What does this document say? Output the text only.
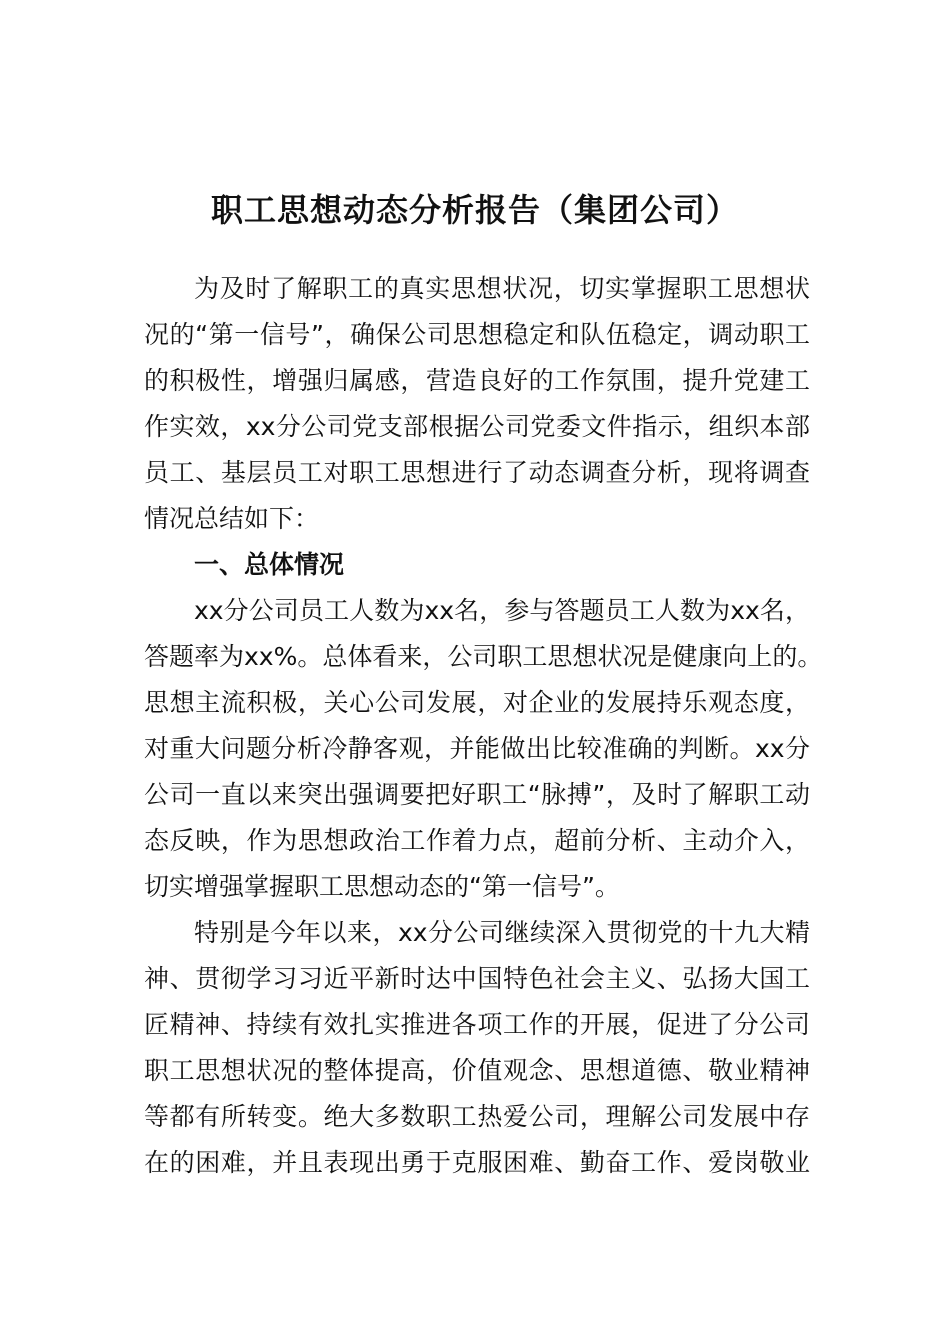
职工思想动态分析报告（集团公司）
为及时了解职工的真实思想状况，切实掌握职工思想状
况的“第一信号”，确保公司思想稳定和队伍稳定，调动职工
的积极性，增强归属感，营造良好的工作氛围，提升党建工
作实效，xx分公司党支部根据公司党委文件指示，组织本部
员工、基层员工对职工思想进行了动态调查分析，现将调查
情况总结如下：
一、总体情况
xx分公司员工人数为xx名，参与答题员工人数为xx名，
答题率为xx%。总体看来，公司职工思想状况是健康向上的。
思想主流积极，关心公司发展，对企业的发展持乐观态度，
对重大问题分析冷静客观，并能做出比较准确的判断。xx分
公司一直以来突出强调要把好职工“脉搏”，及时了解职工动
态反映，作为思想政治工作着力点，超前分析、主动介入，
切实增强掌握职工思想动态的“第一信号”。
特别是今年以来，xx分公司继续深入贯彻党的十九大精
神、贯彻学习习近平新时达中国特色社会主义、弘扬大国工
匠精神、持续有效扎实推进各项工作的开展，促进了分公司
职工思想状况的整体提高，价值观念、思想道德、敬业精神
等都有所转变。绝大多数职工热爱公司，理解公司发展中存
在的困难，并且表现出勇于克服困难、勤奋工作、爱岗敬业
